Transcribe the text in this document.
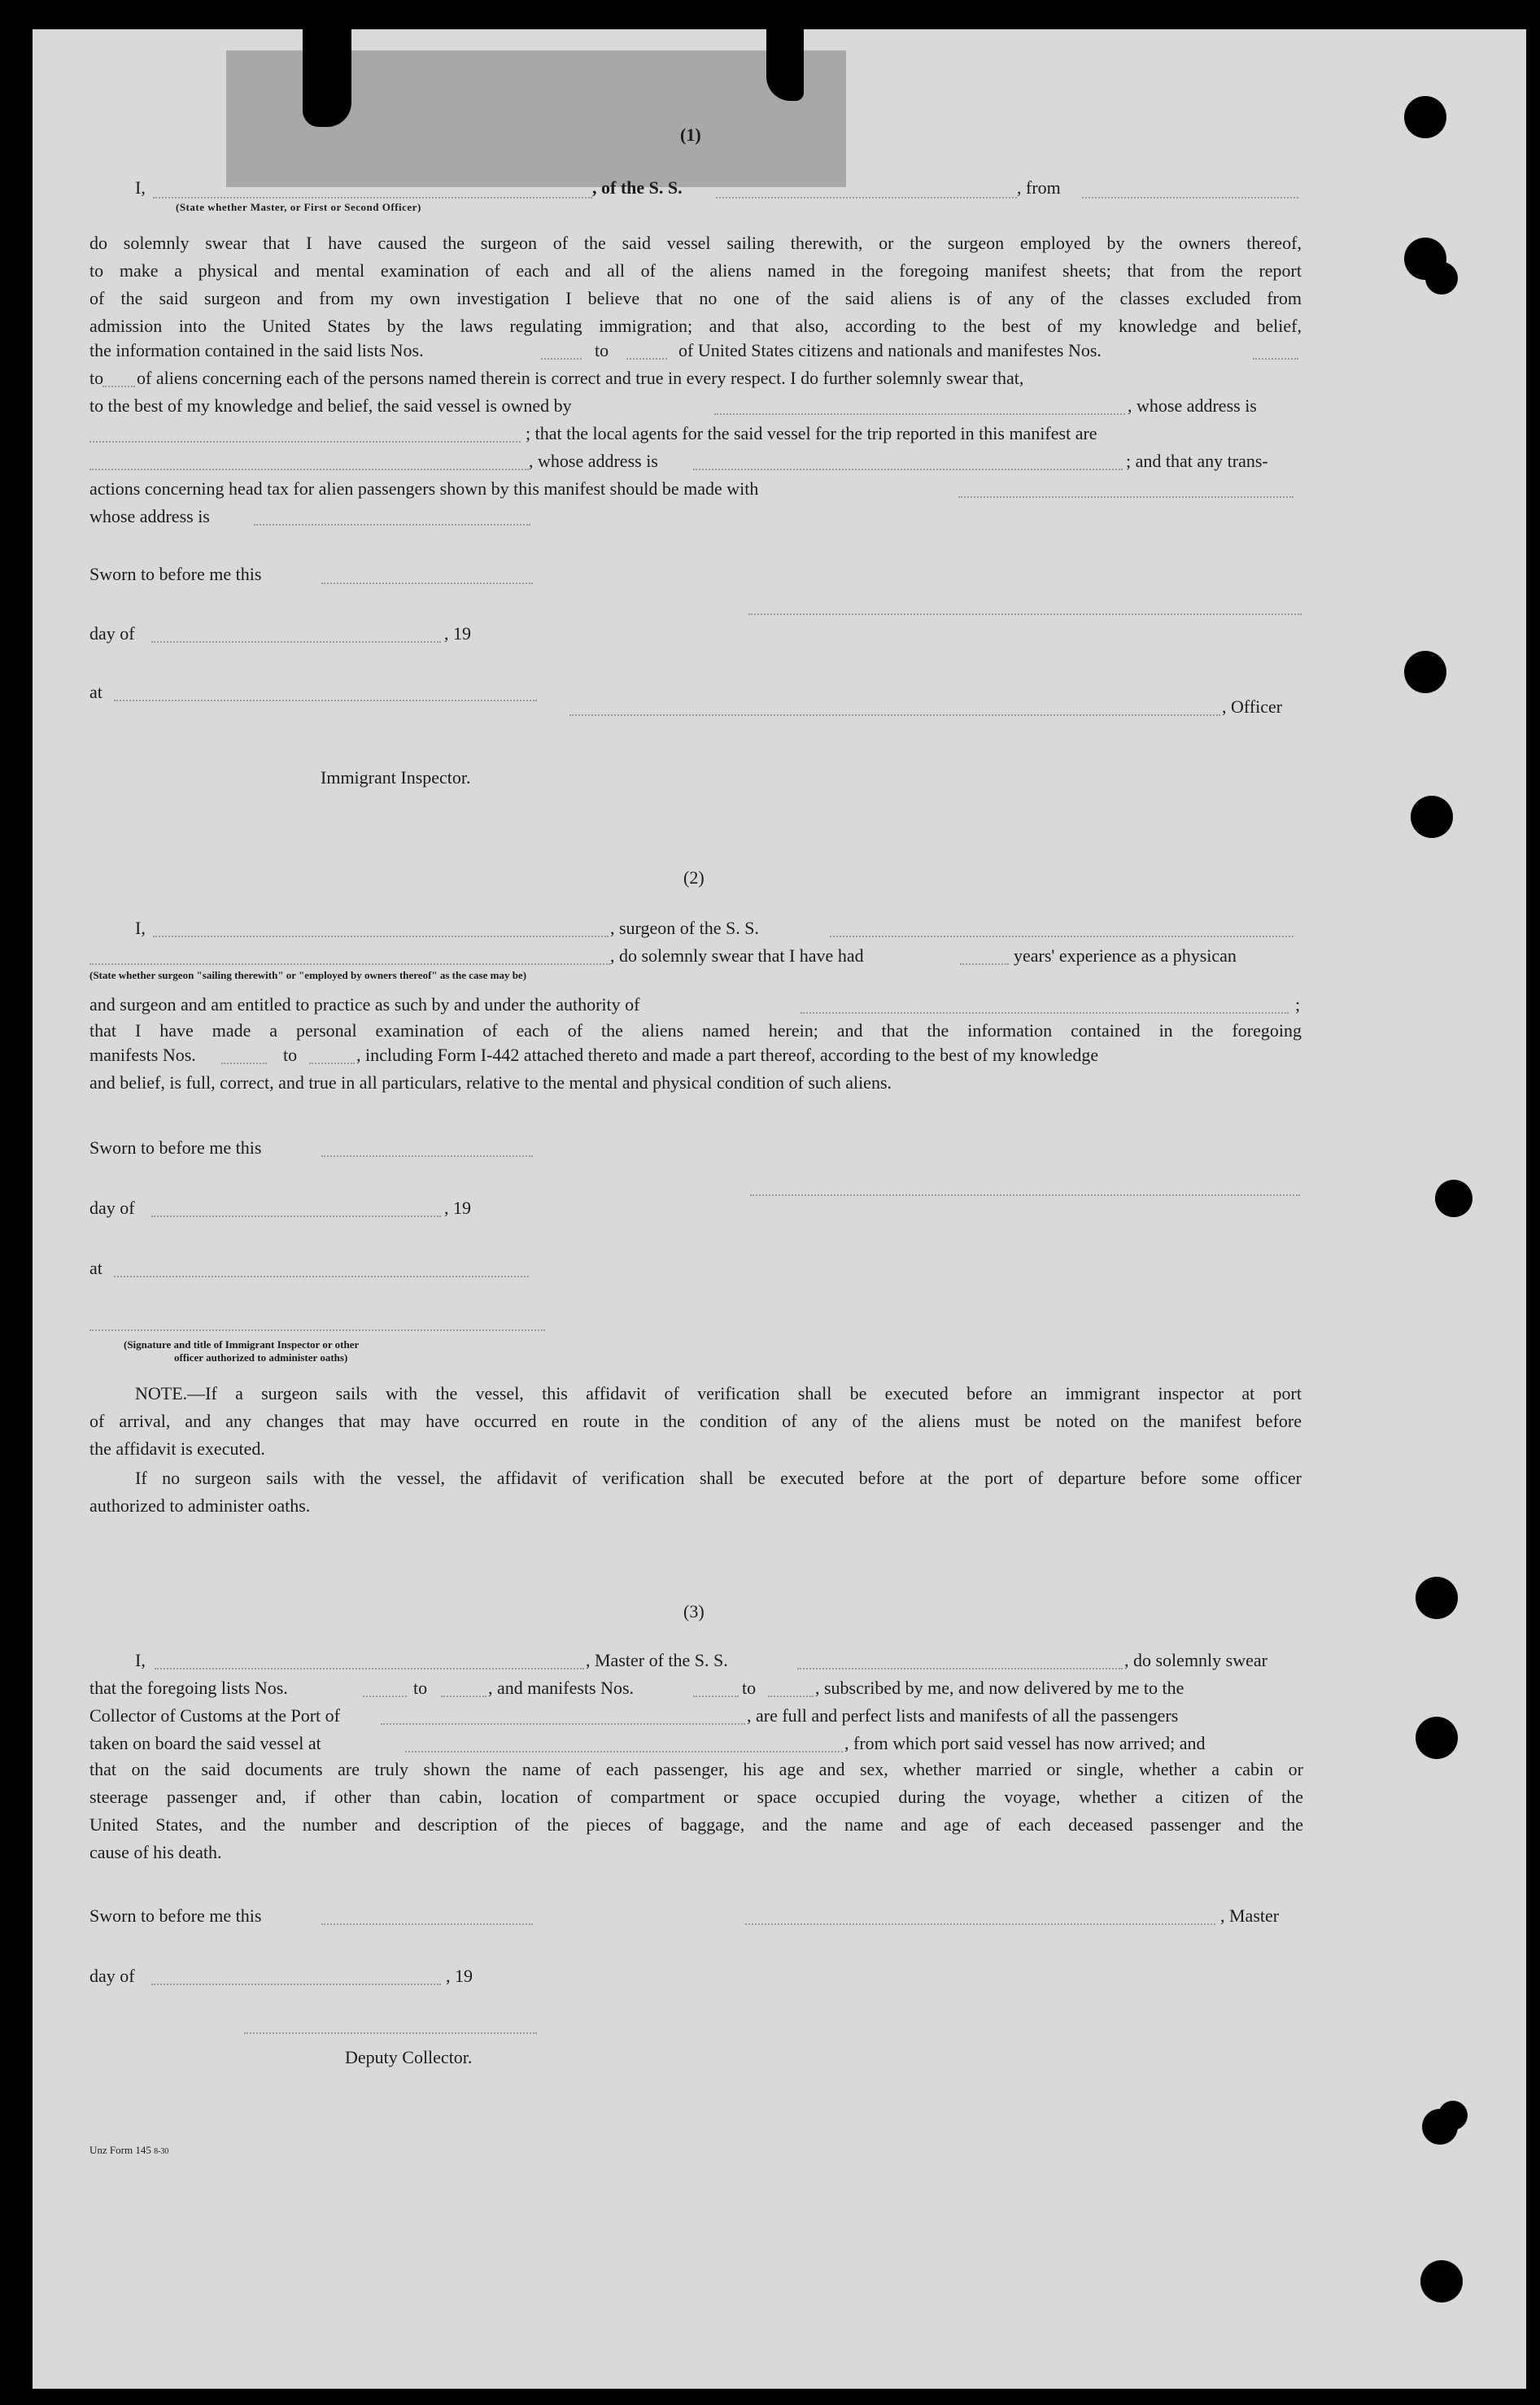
(1)
I,	, of the S. S.	, from
(State whether Master, or First or Second Officer)
do solemnly swear that I have caused the surgeon of the said vessel sailing therewith, or the surgeon employed by the owners thereof,
to make a physical and mental examination of each and all of the aliens named in the foregoing manifest sheets; that from the report
of the said surgeon and from my own investigation I believe that no one of the said aliens is of any of the classes excluded from
admission into the United States by the laws regulating immigration; and that also, according to the best of my knowledge and belief,
the information contained in the said lists Nos.	to	of United States citizens and nationals and manifestes Nos.
to of aliens concerning each of the persons named therein is correct and true in every respect. I do further solemnly swear that,
to the best of my knowledge and belief, the said vessel is owned by	, whose address is
; that the local agents for the said vessel for the trip reported in this manifest are
, whose address is	; and that any trans-
actions concerning head tax for alien passengers shown by this manifest should be made with
whose address is
Sworn to before me this
day of	, 19
at
, Officer
Immigrant Inspector.
(2)
I,	, surgeon of the S. S.
, do solemnly swear that I have had	years' experience as a physican
(State whether surgeon "sailing therewith" or "employed by owners thereof" as the case may be)
and surgeon and am entitled to practice as such by and under the authority of	;
that I have made a personal examination of each of the aliens named herein; and that the information contained in the foregoing
manifests Nos.	to	, including Form I-442 attached thereto and made a part thereof, according to the best of my knowledge
and belief, is full, correct, and true in all particulars, relative to the mental and physical condition of such aliens.
Sworn to before me this
day of	, 19
at
(Signature and title of Immigrant Inspector or other
officer authorized to administer oaths)
NOTE.—If a surgeon sails with the vessel, this affidavit of verification shall be executed before an immigrant inspector at port
of arrival, and any changes that may have occurred en route in the condition of any of the aliens must be noted on the manifest before
the affidavit is executed.
If no surgeon sails with the vessel, the affidavit of verification shall be executed before at the port of departure before some officer
authorized to administer oaths.
(3)
I,	, Master of the S. S.	, do solemnly swear
that the foregoing lists Nos.	to	, and manifests Nos.	to	, subscribed by me, and now delivered by me to the
Collector of Customs at the Port of	, are full and perfect lists and manifests of all the passengers
taken on board the said vessel at	, from which port said vessel has now arrived; and
that on the said documents are truly shown the name of each passenger, his age and sex, whether married or single, whether a cabin or
steerage passenger and, if other than cabin, location of compartment or space occupied during the voyage, whether a citizen of the
United States, and the number and description of the pieces of baggage, and the name and age of each deceased passenger and the
cause of his death.
Sworn to before me this	, Master
day of	, 19
Deputy Collector.
Unz Form 145 8-30
